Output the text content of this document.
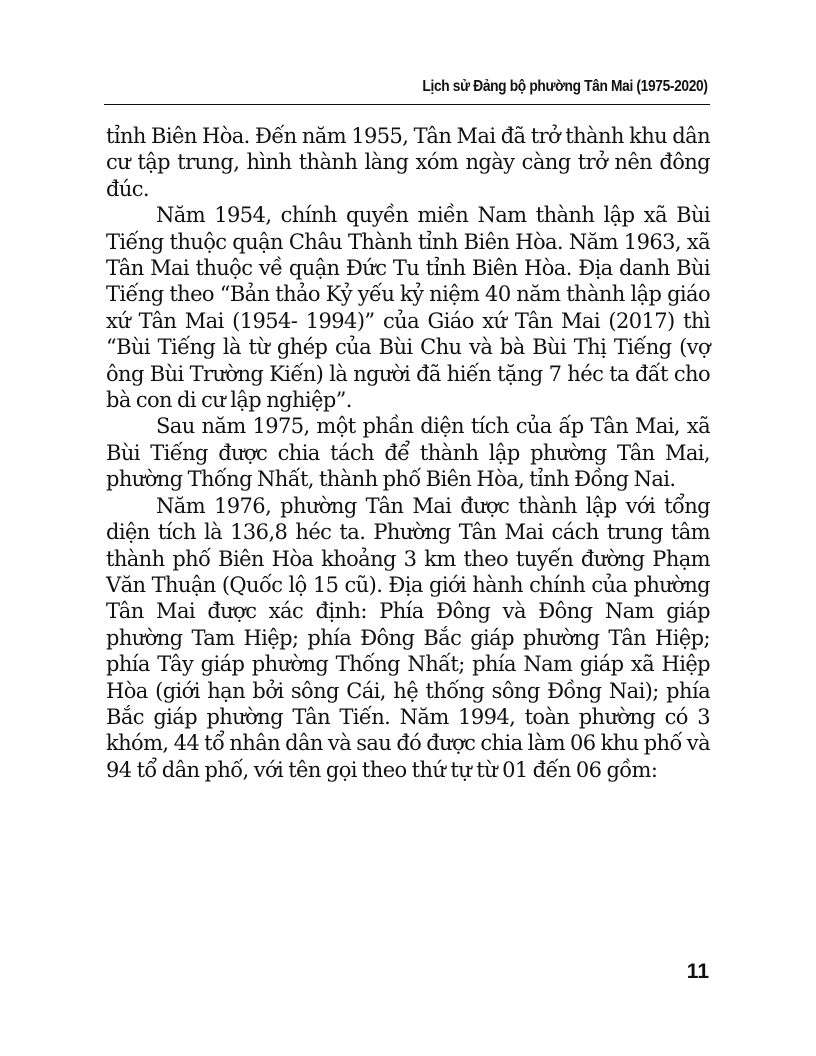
Lịch sử Đảng bộ phường Tân Mai (1975-2020)

tỉnh Biên Hòa. Đến năm 1955, Tân Mai đã trở thành khu dân cư tập trung, hình thành làng xóm ngày càng trở nên đông đúc.

Năm 1954, chính quyền miền Nam thành lập xã Bùi Tiếng thuộc quận Châu Thành tỉnh Biên Hòa. Năm 1963, xã Tân Mai thuộc về quận Đức Tu tỉnh Biên Hòa. Địa danh Bùi Tiếng theo “Bản thảo Kỷ yếu kỷ niệm 40 năm thành lập giáo xứ Tân Mai (1954- 1994)” của Giáo xứ Tân Mai (2017) thì “Bùi Tiếng là từ ghép của Bùi Chu và bà Bùi Thị Tiếng (vợ ông Bùi Trường Kiến) là người đã hiến tặng 7 héc ta đất cho bà con di cư lập nghiệp”.

Sau năm 1975, một phần diện tích của ấp Tân Mai, xã Bùi Tiếng được chia tách để thành lập phường Tân Mai, phường Thống Nhất, thành phố Biên Hòa, tỉnh Đồng Nai.

Năm 1976, phường Tân Mai được thành lập với tổng diện tích là 136,8 héc ta. Phường Tân Mai cách trung tâm thành phố Biên Hòa khoảng 3 km theo tuyến đường Phạm Văn Thuận (Quốc lộ 15 cũ). Địa giới hành chính của phường Tân Mai được xác định: Phía Đông và Đông Nam giáp phường Tam Hiệp; phía Đông Bắc giáp phường Tân Hiệp; phía Tây giáp phường Thống Nhất; phía Nam giáp xã Hiệp Hòa (giới hạn bởi sông Cái, hệ thống sông Đồng Nai); phía Bắc giáp phường Tân Tiến. Năm 1994, toàn phường có 3 khóm, 44 tổ nhân dân và sau đó được chia làm 06 khu phố và 94 tổ dân phố, với tên gọi theo thứ tự từ 01 đến 06 gồm:

11
